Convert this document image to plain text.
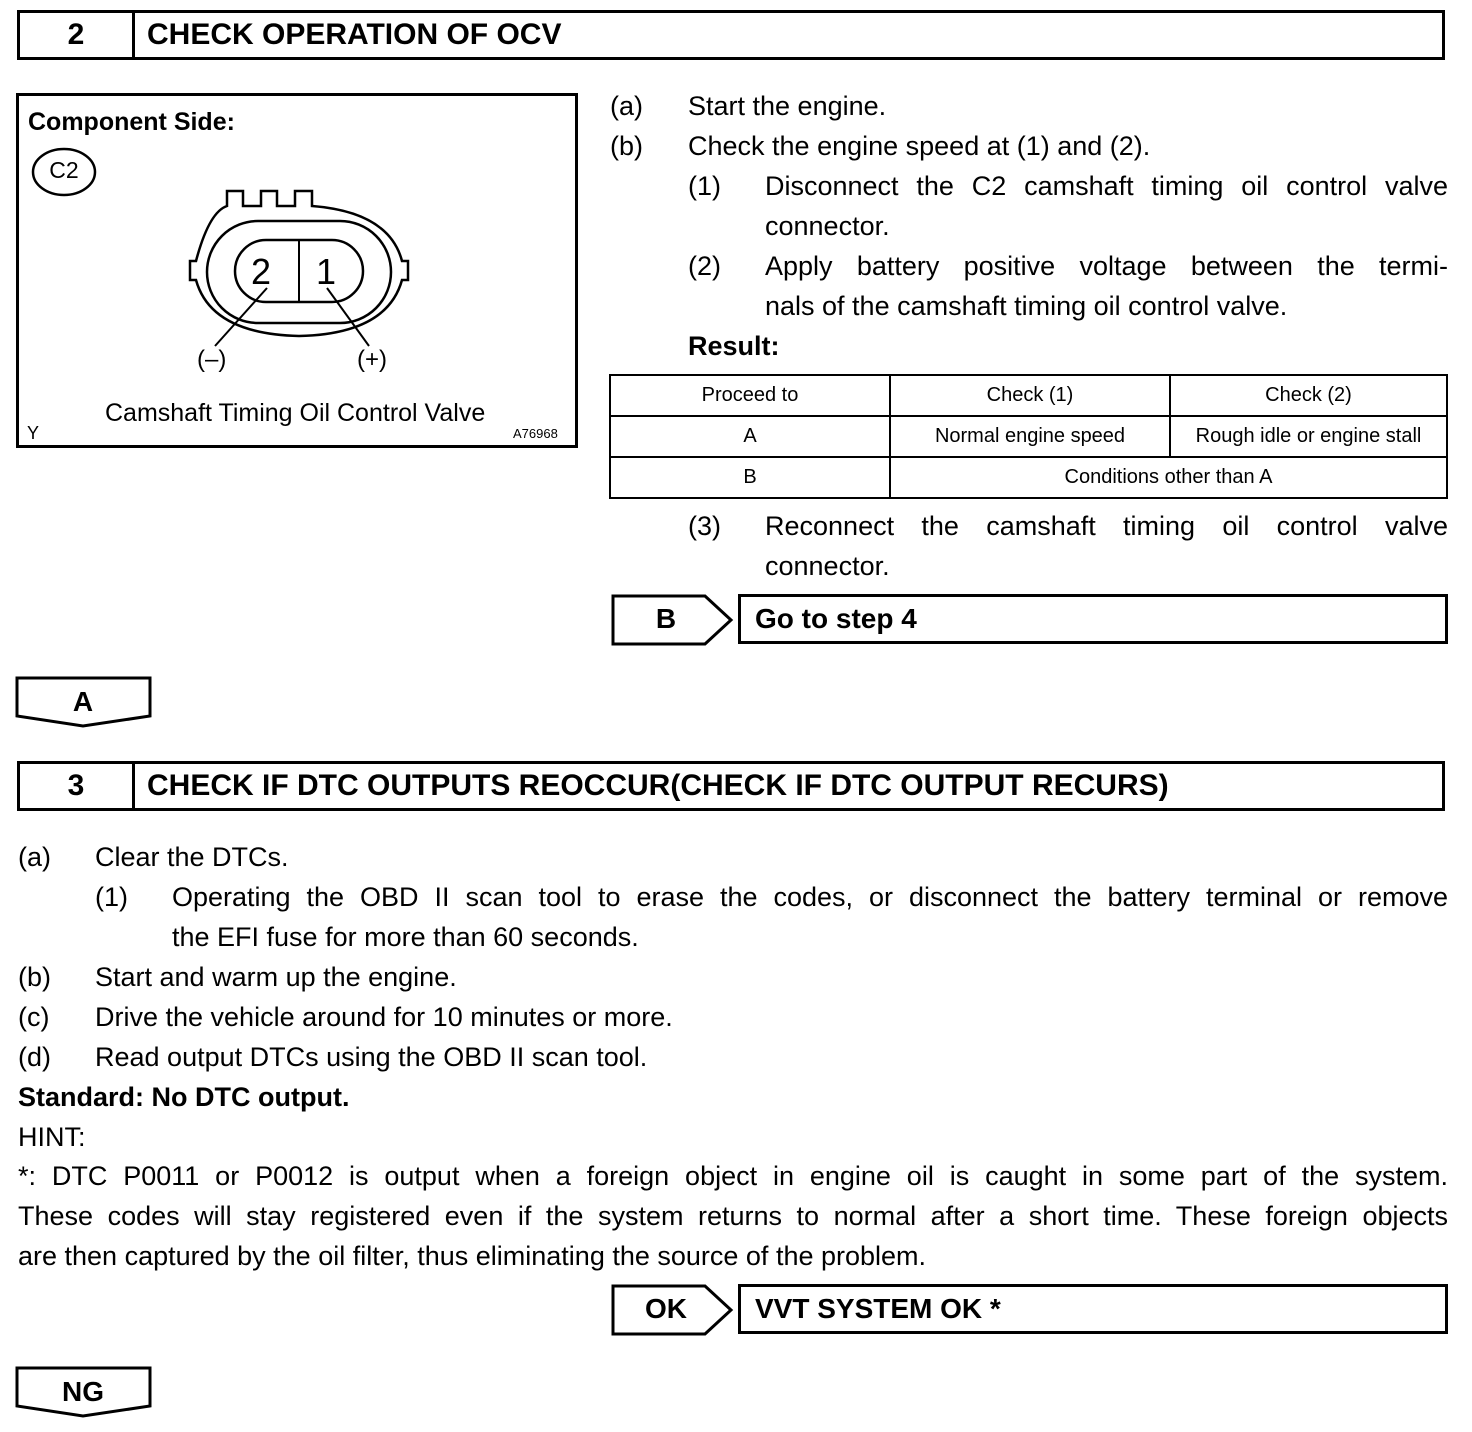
2	CHECK OPERATION OF OCV
Component Side:
C2
2 1
(–)	(+)
Camshaft Timing Oil Control Valve
Y	A76968
(a) Start the engine.
(b) Check the engine speed at (1) and (2).
(1) Disconnect the C2 camshaft timing oil control valve
connector.
(2) Apply battery positive voltage between the termi-
nals of the camshaft timing oil control valve.
Result:
Proceed to	Check (1)	Check (2)
A	Normal engine speed	Rough idle or engine stall
B	Conditions other than A	
(3) Reconnect the camshaft timing oil control valve
connector.
B	Go to step 4
A
3	CHECK IF DTC OUTPUTS REOCCUR(CHECK IF DTC OUTPUT RECURS)
(a) Clear the DTCs.
(1) Operating the OBD II scan tool to erase the codes, or disconnect the battery terminal or remove
the EFI fuse for more than 60 seconds.
(b) Start and warm up the engine.
(c) Drive the vehicle around for 10 minutes or more.
(d) Read output DTCs using the OBD II scan tool.
Standard: No DTC output.
HINT:
*: DTC P0011 or P0012 is output when a foreign object in engine oil is caught in some part of the system.
These codes will stay registered even if the system returns to normal after a short time. These foreign objects
are then captured by the oil filter, thus eliminating the source of the problem.
OK	VVT SYSTEM OK *
NG
